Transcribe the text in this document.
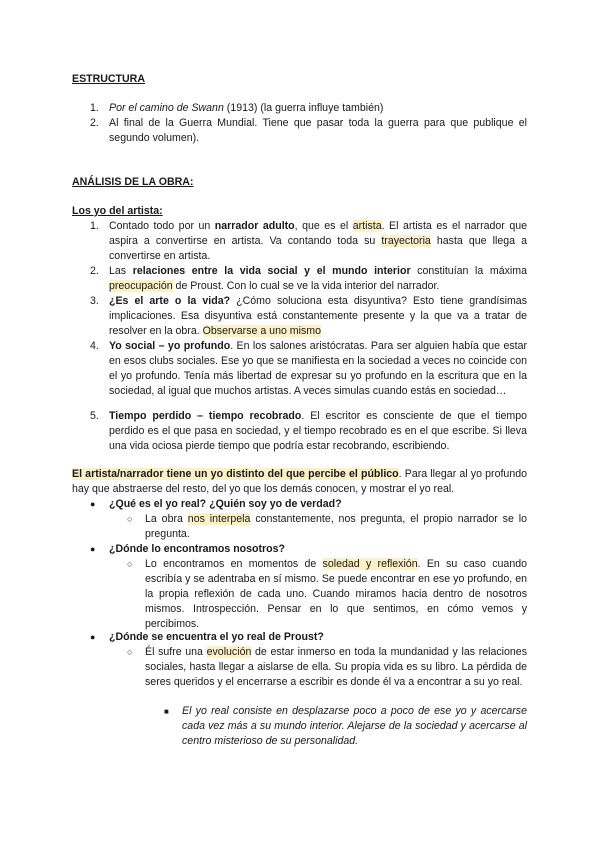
ESTRUCTURA
1. Por el camino de Swann (1913) (la guerra influye también)
2. Al final de la Guerra Mundial. Tiene que pasar toda la guerra para que publique el segundo volumen).
ANÁLISIS DE LA OBRA:
Los yo del artista:
1. Contado todo por un narrador adulto, que es el artista. El artista es el narrador que aspira a convertirse en artista. Va contando toda su trayectoria hasta que llega a convertirse en artista.
2. Las relaciones entre la vida social y el mundo interior constituían la máxima preocupación de Proust. Con lo cual se ve la vida interior del narrador.
3. ¿Es el arte o la vida? ¿Cómo soluciona esta disyuntiva? Esto tiene grandísimas implicaciones. Esa disyuntiva está constantemente presente y la que va a tratar de resolver en la obra. Observarse a uno mismo
4. Yo social – yo profundo. En los salones aristócratas. Para ser alguien había que estar en esos clubs sociales. Ese yo que se manifiesta en la sociedad a veces no coincide con el yo profundo. Tenía más libertad de expresar su yo profundo en la escritura que en la sociedad, al igual que muchos artistas. A veces simulas cuando estás en sociedad…
5. Tiempo perdido – tiempo recobrado. El escritor es consciente de que el tiempo perdido es el que pasa en sociedad, y el tiempo recobrado es en el que escribe. Si lleva una vida ociosa pierde tiempo que podría estar recobrando, escribiendo.
El artista/narrador tiene un yo distinto del que percibe el público. Para llegar al yo profundo hay que abstraerse del resto, del yo que los demás conocen, y mostrar el yo real.
● ¿Qué es el yo real? ¿Quién soy yo de verdad?
○ La obra nos interpela constantemente, nos pregunta, el propio narrador se lo pregunta.
● ¿Dónde lo encontramos nosotros?
○ Lo encontramos en momentos de soledad y reflexión. En su caso cuando escribía y se adentraba en sí mismo. Se puede encontrar en ese yo profundo, en la propia reflexión de cada uno. Cuando miramos hacia dentro de nosotros mismos. Introspección. Pensar en lo que sentimos, en cómo vemos y percibimos.
● ¿Dónde se encuentra el yo real de Proust?
○ Él sufre una evolución de estar inmerso en toda la mundanidad y las relaciones sociales, hasta llegar a aislarse de ella. Su propia vida es su libro. La pérdida de seres queridos y el encerrarse a escribir es donde él va a encontrar a su yo real.
■ El yo real consiste en desplazarse poco a poco de ese yo y acercarse cada vez más a su mundo interior. Alejarse de la sociedad y acercarse al centro misterioso de su personalidad.
